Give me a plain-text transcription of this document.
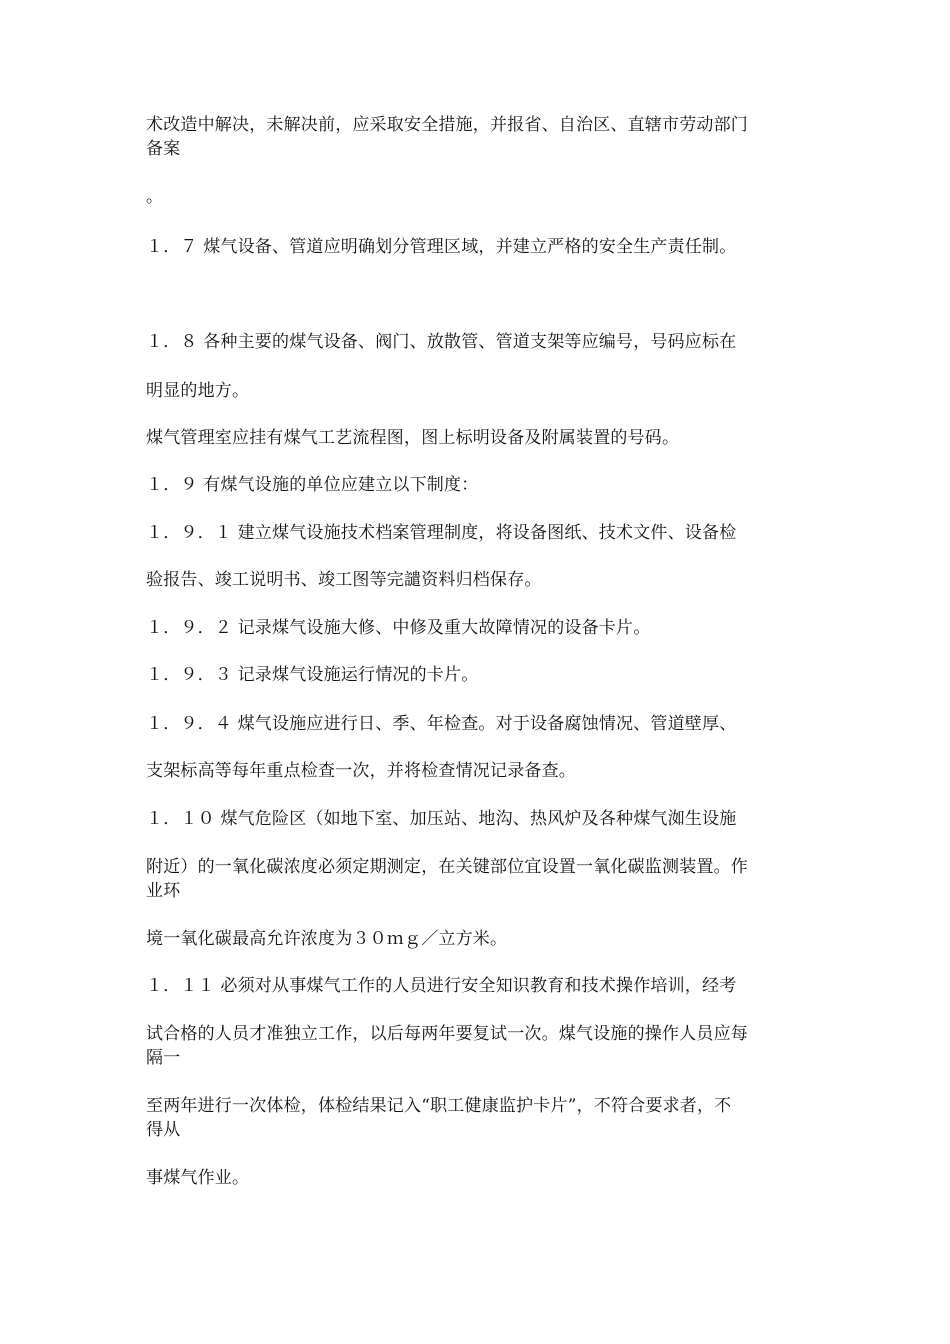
术改造中解决，未解决前，应采取安全措施，并报省、自治区、直辖市劳动部门
备案
。
１．７ 煤气设备、管道应明确划分管理区域，并建立严格的安全生产责任制。
１．８ 各种主要的煤气设备、阀门、放散管、管道支架等应编号，号码应标在
明显的地方。
煤气管理室应挂有煤气工艺流程图，图上标明设备及附属装置的号码。
１．９ 有煤气设施的单位应建立以下制度：
１．９．１ 建立煤气设施技术档案管理制度，将设备图纸、技术文件、设备检
验报告、竣工说明书、竣工图等完譴资料归档保存。
１．９．２ 记录煤气设施大修、中修及重大故障情况的设备卡片。
１．９．３ 记录煤气设施运行情况的卡片。
１．９．４ 煤气设施应进行日、季、年检查。对于设备腐蚀情况、管道壁厚、
支架标高等每年重点检查一次，并将检查情况记录备查。
１．１０ 煤气危险区（如地下室、加压站、地沟、热风炉及各种煤气洳生设施
附近）的一氧化碳浓度必须定期测定，在关键部位宜设置一氧化碳监测装置。作
业环
境一氧化碳最高允许浓度为３０ｍｇ／立方米。
１．１１ 必须对从事煤气工作的人员进行安全知识教育和技术操作培训，经考
试合格的人员才准独立工作，以后每两年要复试一次。煤气设施的操作人员应每
隔一
至两年进行一次体检，体检结果记入“职工健康监护卡片”，不符合要求者，不
得从
事煤气作业。
